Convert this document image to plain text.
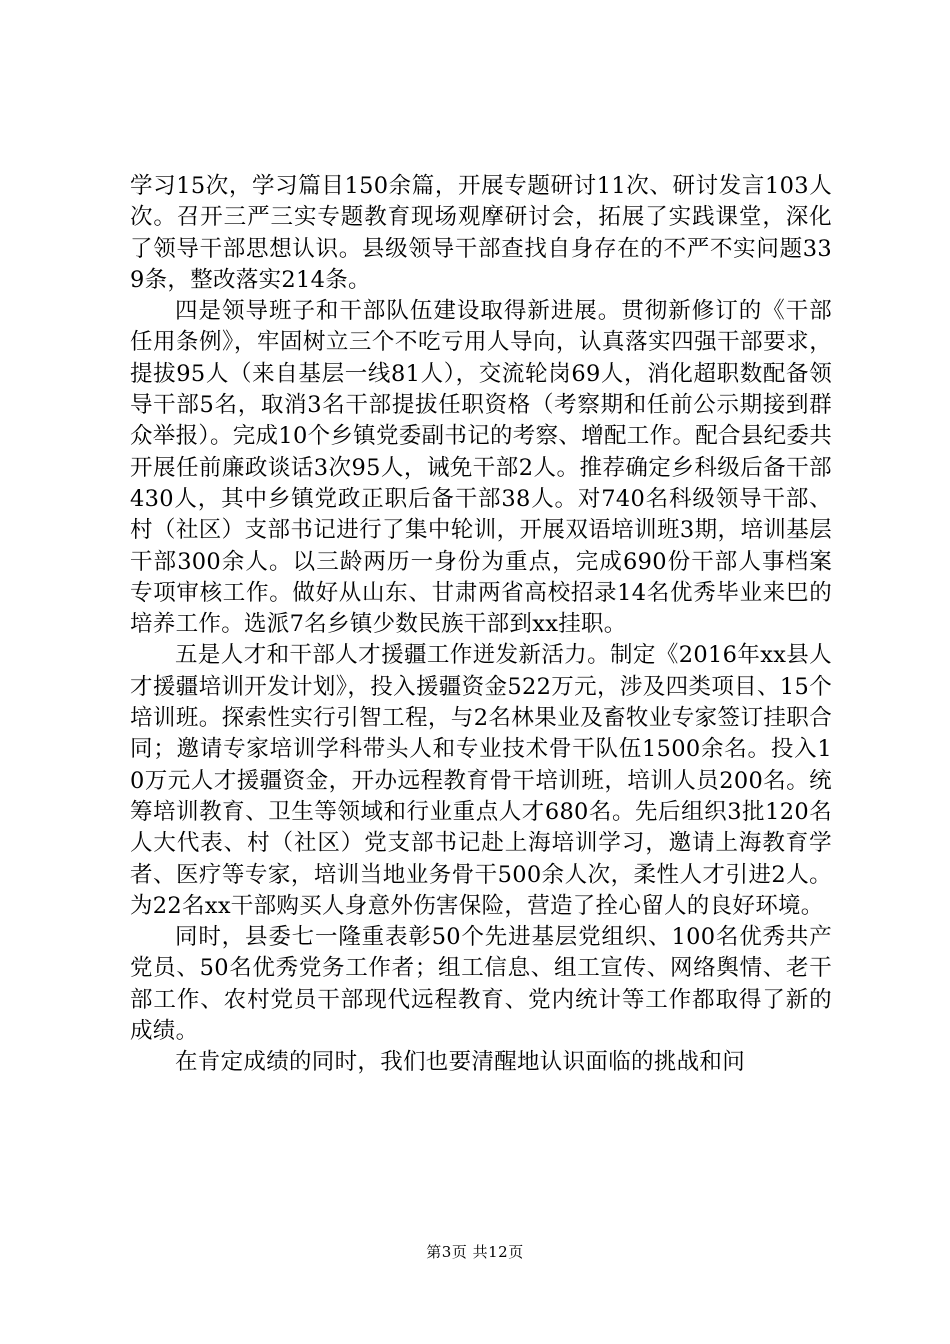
学习15次，学习篇目150余篇，开展专题研讨11次、研讨发言103人次。召开三严三实专题教育现场观摩研讨会，拓展了实践课堂，深化了领导干部思想认识。县级领导干部查找自身存在的不严不实问题339条，整改落实214条。

四是领导班子和干部队伍建设取得新进展。贯彻新修订的《干部任用条例》，牢固树立三个不吃亏用人导向，认真落实四强干部要求，提拔95人（来自基层一线81人），交流轮岗69人，消化超职数配备领导干部5名，取消3名干部提拔任职资格（考察期和任前公示期接到群众举报）。完成10个乡镇党委副书记的考察、增配工作。配合县纪委共开展任前廉政谈话3次95人，诫免干部2人。推荐确定乡科级后备干部430人，其中乡镇党政正职后备干部38人。对740名科级领导干部、村（社区）支部书记进行了集中轮训，开展双语培训班3期，培训基层干部300余人。以三龄两历一身份为重点，完成690份干部人事档案专项审核工作。做好从山东、甘肃两省高校招录14名优秀毕业来巴的培养工作。选派7名乡镇少数民族干部到xx挂职。

五是人才和干部人才援疆工作迸发新活力。制定《2016年xx县人才援疆培训开发计划》，投入援疆资金522万元，涉及四类项目、15个培训班。探索性实行引智工程，与2名林果业及畜牧业专家签订挂职合同；邀请专家培训学科带头人和专业技术骨干队伍1500余名。投入10万元人才援疆资金，开办远程教育骨干培训班，培训人员200名。统筹培训教育、卫生等领域和行业重点人才680名。先后组织3批120名人大代表、村（社区）党支部书记赴上海培训学习，邀请上海教育学者、医疗等专家，培训当地业务骨干500余人次，柔性人才引进2人。为22名xx干部购买人身意外伤害保险，营造了拴心留人的良好环境。

同时，县委七一隆重表彰50个先进基层党组织、100名优秀共产党员、50名优秀党务工作者；组工信息、组工宣传、网络舆情、老干部工作、农村党员干部现代远程教育、党内统计等工作都取得了新的成绩。

在肯定成绩的同时，我们也要清醒地认识面临的挑战和问

第3页 共12页
